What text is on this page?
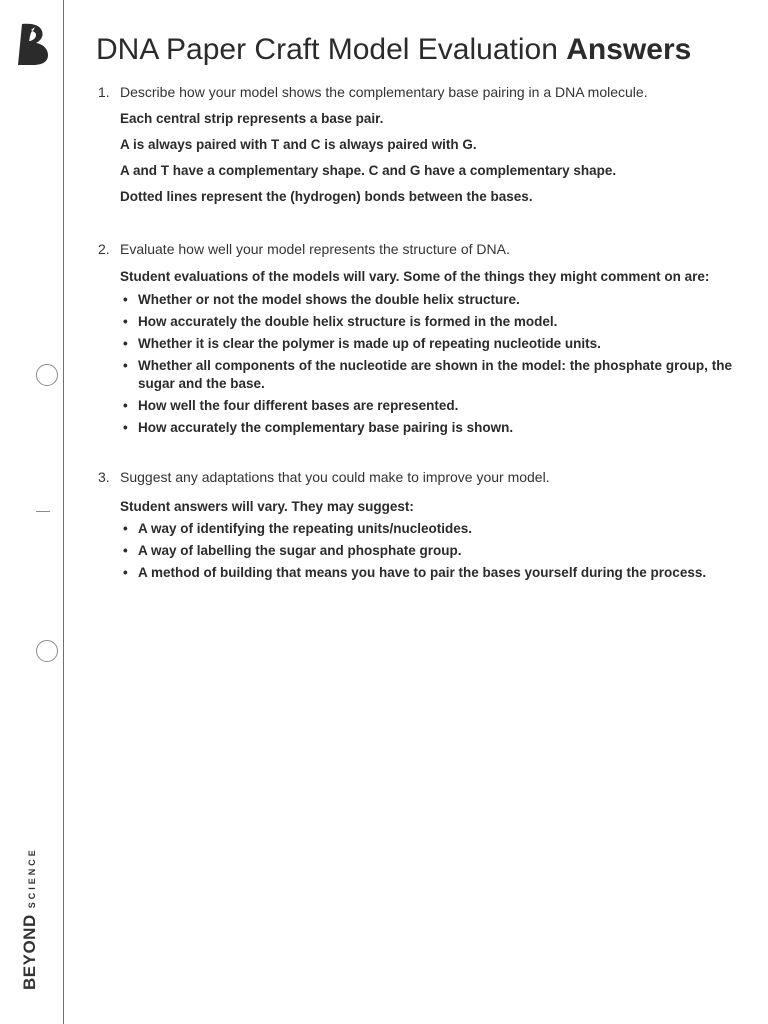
BEYOND
SCIENCE
DNA Paper Craft Model Evaluation Answers
1. Describe how your model shows the complementary base pairing in a DNA molecule.
Each central strip represents a base pair.
A is always paired with T and C is always paired with G.
A and T have a complementary shape. C and G have a complementary shape.
Dotted lines represent the (hydrogen) bonds between the bases.
2. Evaluate how well your model represents the structure of DNA.
Student evaluations of the models will vary. Some of the things they might comment on are:
• Whether or not the model shows the double helix structure.
• How accurately the double helix structure is formed in the model.
• Whether it is clear the polymer is made up of repeating nucleotide units.
• Whether all components of the nucleotide are shown in the model: the phosphate group, the sugar and the base.
• How well the four different bases are represented.
• How accurately the complementary base pairing is shown.
3. Suggest any adaptations that you could make to improve your model.
Student answers will vary. They may suggest:
• A way of identifying the repeating units/nucleotides.
• A way of labelling the sugar and phosphate group.
• A method of building that means you have to pair the bases yourself during the process.
